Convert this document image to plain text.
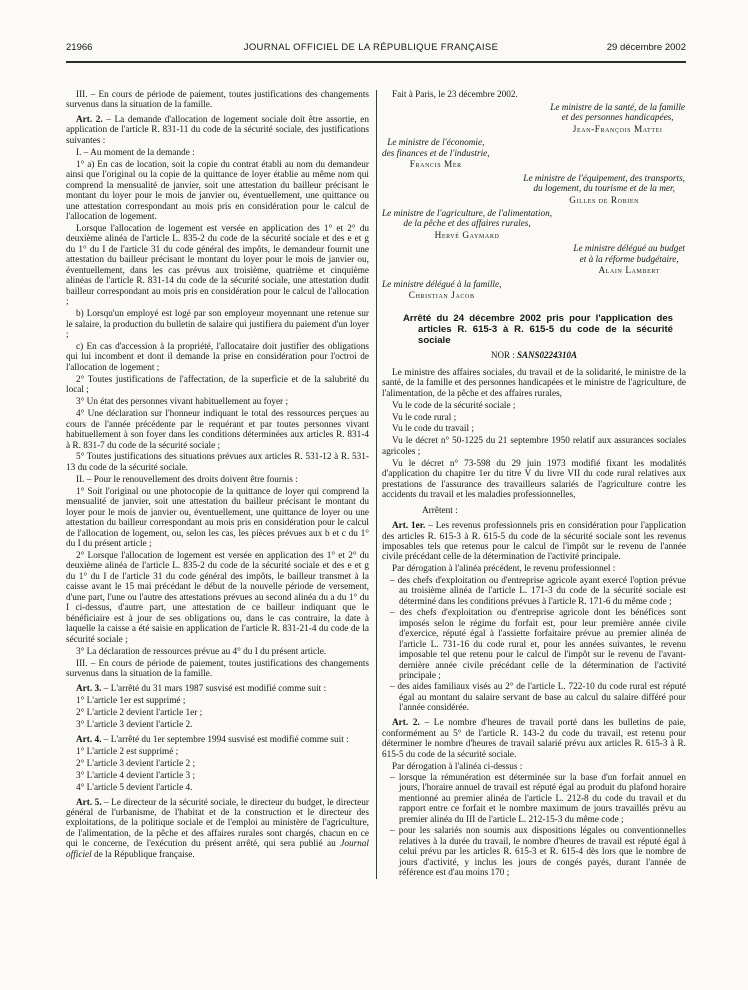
21966	JOURNAL OFFICIEL DE LA RÉPUBLIQUE FRANÇAISE	29 décembre 2002
III. – En cours de période de paiement, toutes justifications des changements survenus dans la situation de la famille.
Art. 2. – La demande d'allocation de logement sociale doit être assortie, en application de l'article R. 831-11 du code de la sécurité sociale, des justifications suivantes :
I. – Au moment de la demande :
1° a) En cas de location, soit la copie du contrat établi au nom du demandeur ainsi que l'original ou la copie de la quittance de loyer établie au même nom qui comprend la mensualité de janvier, soit une attestation du bailleur précisant le montant du loyer pour le mois de janvier ou, éventuellement, une quittance ou une attestation correspondant au mois pris en considération pour le calcul de l'allocation de logement.
Lorsque l'allocation de logement est versée en application des 1° et 2° du deuxième alinéa de l'article L. 835-2 du code de la sécurité sociale et des e et g du 1° du I de l'article 31 du code général des impôts, le demandeur fournit une attestation du bailleur précisant le montant du loyer pour le mois de janvier ou, éventuellement, dans les cas prévus aux troisième, quatrième et cinquième alinéas de l'article R. 831-14 du code de la sécurité sociale, une attestation dudit bailleur correspondant au mois pris en considération pour le calcul de l'allocation ;
b) Lorsqu'un employé est logé par son employeur moyennant une retenue sur le salaire, la production du bulletin de salaire qui justifiera du paiement d'un loyer ;
c) En cas d'accession à la propriété, l'allocataire doit justifier des obligations qui lui incombent et dont il demande la prise en considération pour l'octroi de l'allocation de logement ;
2° Toutes justifications de l'affectation, de la superficie et de la salubrité du local ;
3° Un état des personnes vivant habituellement au foyer ;
4° Une déclaration sur l'honneur indiquant le total des ressources perçues au cours de l'année précédente par le requérant et par toutes personnes vivant habituellement à son foyer dans les conditions déterminées aux articles R. 831-4 à R. 831-7 du code de la sécurité sociale ;
5° Toutes justifications des situations prévues aux articles R. 531-12 à R. 531-13 du code de la sécurité sociale.
II. – Pour le renouvellement des droits doivent être fournis :
1° Soit l'original ou une photocopie de la quittance de loyer qui comprend la mensualité de janvier, soit une attestation du bailleur précisant le montant du loyer pour le mois de janvier ou, éventuellement, une quittance de loyer ou une attestation du bailleur correspondant au mois pris en considération pour le calcul de l'allocation de logement, ou, selon les cas, les pièces prévues aux b et c du 1° du I du présent article ;
2° Lorsque l'allocation de logement est versée en application des 1° et 2° du deuxième alinéa de l'article L. 835-2 du code de la sécurité sociale et des e et g du 1° du I de l'article 31 du code général des impôts, le bailleur transmet à la caisse avant le 15 mai précédant le début de la nouvelle période de versement, d'une part, l'une ou l'autre des attestations prévues au second alinéa du a du 1° du I ci-dessus, d'autre part, une attestation de ce bailleur indiquant que le bénéficiaire est à jour de ses obligations ou, dans le cas contraire, la date à laquelle la caisse a été saisie en application de l'article R. 831-21-4 du code de la sécurité sociale ;
3° La déclaration de ressources prévue au 4° du I du présent article.
III. – En cours de période de paiement, toutes justifications des changements survenus dans la situation de la famille.
Art. 3. – L'arrêté du 31 mars 1987 susvisé est modifié comme suit :
1° L'article 1er est supprimé ;
2° L'article 2 devient l'article 1er ;
3° L'article 3 devient l'article 2.
Art. 4. – L'arrêté du 1er septembre 1994 susvisé est modifié comme suit :
1° L'article 2 est supprimé ;
2° L'article 3 devient l'article 2 ;
3° L'article 4 devient l'article 3 ;
4° L'article 5 devient l'article 4.
Art. 5. – Le directeur de la sécurité sociale, le directeur du budget, le directeur général de l'urbanisme, de l'habitat et de la construction et le directeur des exploitations, de la politique sociale et de l'emploi au ministère de l'agriculture, de l'alimentation, de la pêche et des affaires rurales sont chargés, chacun en ce qui le concerne, de l'exécution du présent arrêté, qui sera publié au Journal officiel de la République française.
Fait à Paris, le 23 décembre 2002.
Le ministre de la santé, de la famille
et des personnes handicapées,
Jean-François Mattei
Le ministre de l'économie,
des finances et de l'industrie,
Francis Mer
Le ministre de l'équipement, des transports,
du logement, du tourisme et de la mer,
Gilles de Robien
Le ministre de l'agriculture, de l'alimentation,
de la pêche et des affaires rurales,
Hervé Gaymard
Le ministre délégué au budget
et à la réforme budgétaire,
Alain Lambert
Le ministre délégué à la famille,
Christian Jacob
Arrêté du 24 décembre 2002 pris pour l'application des articles R. 615-3 à R. 615-5 du code de la sécurité sociale
NOR : SANS0224310A
Le ministre des affaires sociales, du travail et de la solidarité, le ministre de la santé, de la famille et des personnes handicapées et le ministre de l'agriculture, de l'alimentation, de la pêche et des affaires rurales,
Vu le code de la sécurité sociale ;
Vu le code rural ;
Vu le code du travail ;
Vu le décret n° 50-1225 du 21 septembre 1950 relatif aux assurances sociales agricoles ;
Vu le décret n° 73-598 du 29 juin 1973 modifié fixant les modalités d'application du chapitre 1er du titre V du livre VII du code rural relatives aux prestations de l'assurance des travailleurs salariés de l'agriculture contre les accidents du travail et les maladies professionnelles,
Arrêtent :
Art. 1er. – Les revenus professionnels pris en considération pour l'application des articles R. 615-3 à R. 615-5 du code de la sécurité sociale sont les revenus imposables tels que retenus pour le calcul de l'impôt sur le revenu de l'année civile précédant celle de la détermination de l'activité principale.
Par dérogation à l'alinéa précédent, le revenu professionnel :
– des chefs d'exploitation ou d'entreprise agricole ayant exercé l'option prévue au troisième alinéa de l'article L. 171-3 du code de la sécurité sociale est déterminé dans les conditions prévues à l'article R. 171-6 du même code ;
– des chefs d'exploitation ou d'entreprise agricole dont les bénéfices sont imposés selon le régime du forfait est, pour leur première année civile d'exercice, réputé égal à l'assiette forfaitaire prévue au premier alinéa de l'article L. 731-16 du code rural et, pour les années suivantes, le revenu imposable tel que retenu pour le calcul de l'impôt sur le revenu de l'avant-dernière année civile précédant celle de la détermination de l'activité principale ;
– des aides familiaux visés au 2° de l'article L. 722-10 du code rural est réputé égal au montant du salaire servant de base au calcul du salaire différé pour l'année considérée.
Art. 2. – Le nombre d'heures de travail porté dans les bulletins de paie, conformément au 5° de l'article R. 143-2 du code du travail, est retenu pour déterminer le nombre d'heures de travail salarié prévu aux articles R. 615-3 à R. 615-5 du code de la sécurité sociale.
Par dérogation à l'alinéa ci-dessus :
– lorsque la rémunération est déterminée sur la base d'un forfait annuel en jours, l'horaire annuel de travail est réputé égal au produit du plafond horaire mentionné au premier alinéa de l'article L. 212-8 du code du travail et du rapport entre ce forfait et le nombre maximum de jours travaillés prévu au premier alinéa du III de l'article L. 212-15-3 du même code ;
– pour les salariés non soumis aux dispositions légales ou conventionnelles relatives à la durée du travail, le nombre d'heures de travail est réputé égal à celui prévu par les articles R. 615-3 et R. 615-4 dès lors que le nombre de jours d'activité, y inclus les jours de congés payés, durant l'année de référence est d'au moins 170 ;
